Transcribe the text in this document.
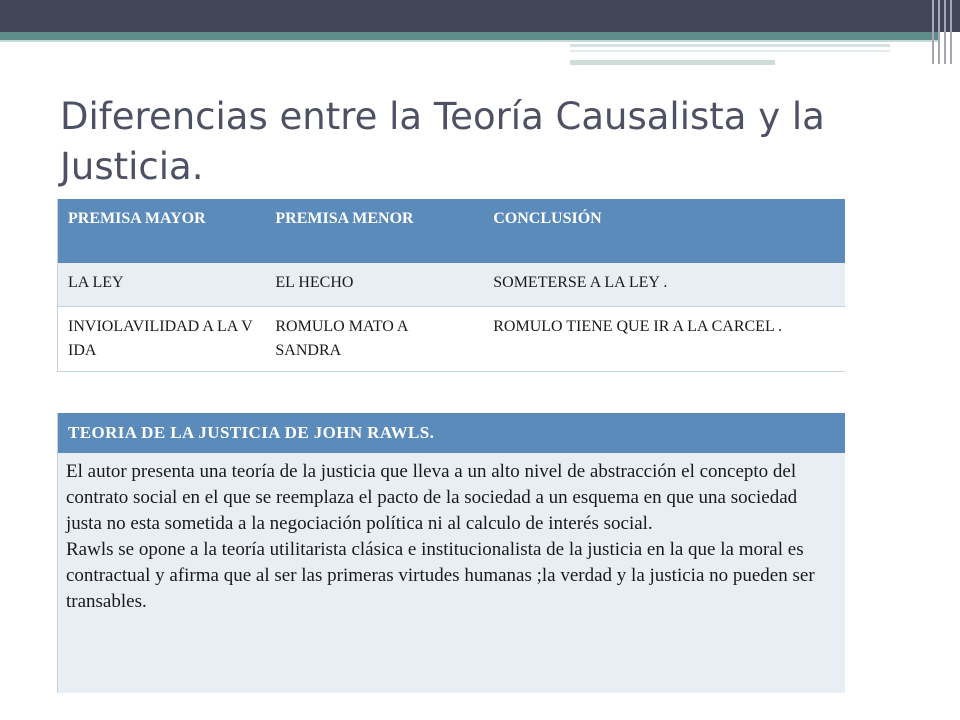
Diferencias entre la Teoría Causalista y la Justicia.
PREMISA MAYOR	PREMISA MENOR	CONCLUSIÓN
LA LEY	EL HECHO	SOMETERSE A LA LEY .
INVIOLAVILIDAD A LA VIDA	ROMULO MATO A SANDRA	ROMULO TIENE QUE IR A LA CARCEL .
TEORIA DE LA JUSTICIA DE JOHN RAWLS.

El autor presenta una teoría de la justicia que lleva a un alto nivel de abstracción el concepto del contrato social en el que se reemplaza el pacto de la sociedad a un esquema en que una sociedad justa no esta sometida a la negociación política ni al calculo de interés social.
Rawls se opone a la teoría utilitarista clásica e institucionalista de la justicia en la que la moral es contractual y afirma que al ser las primeras virtudes humanas ;la verdad y la justicia no pueden ser transables.
